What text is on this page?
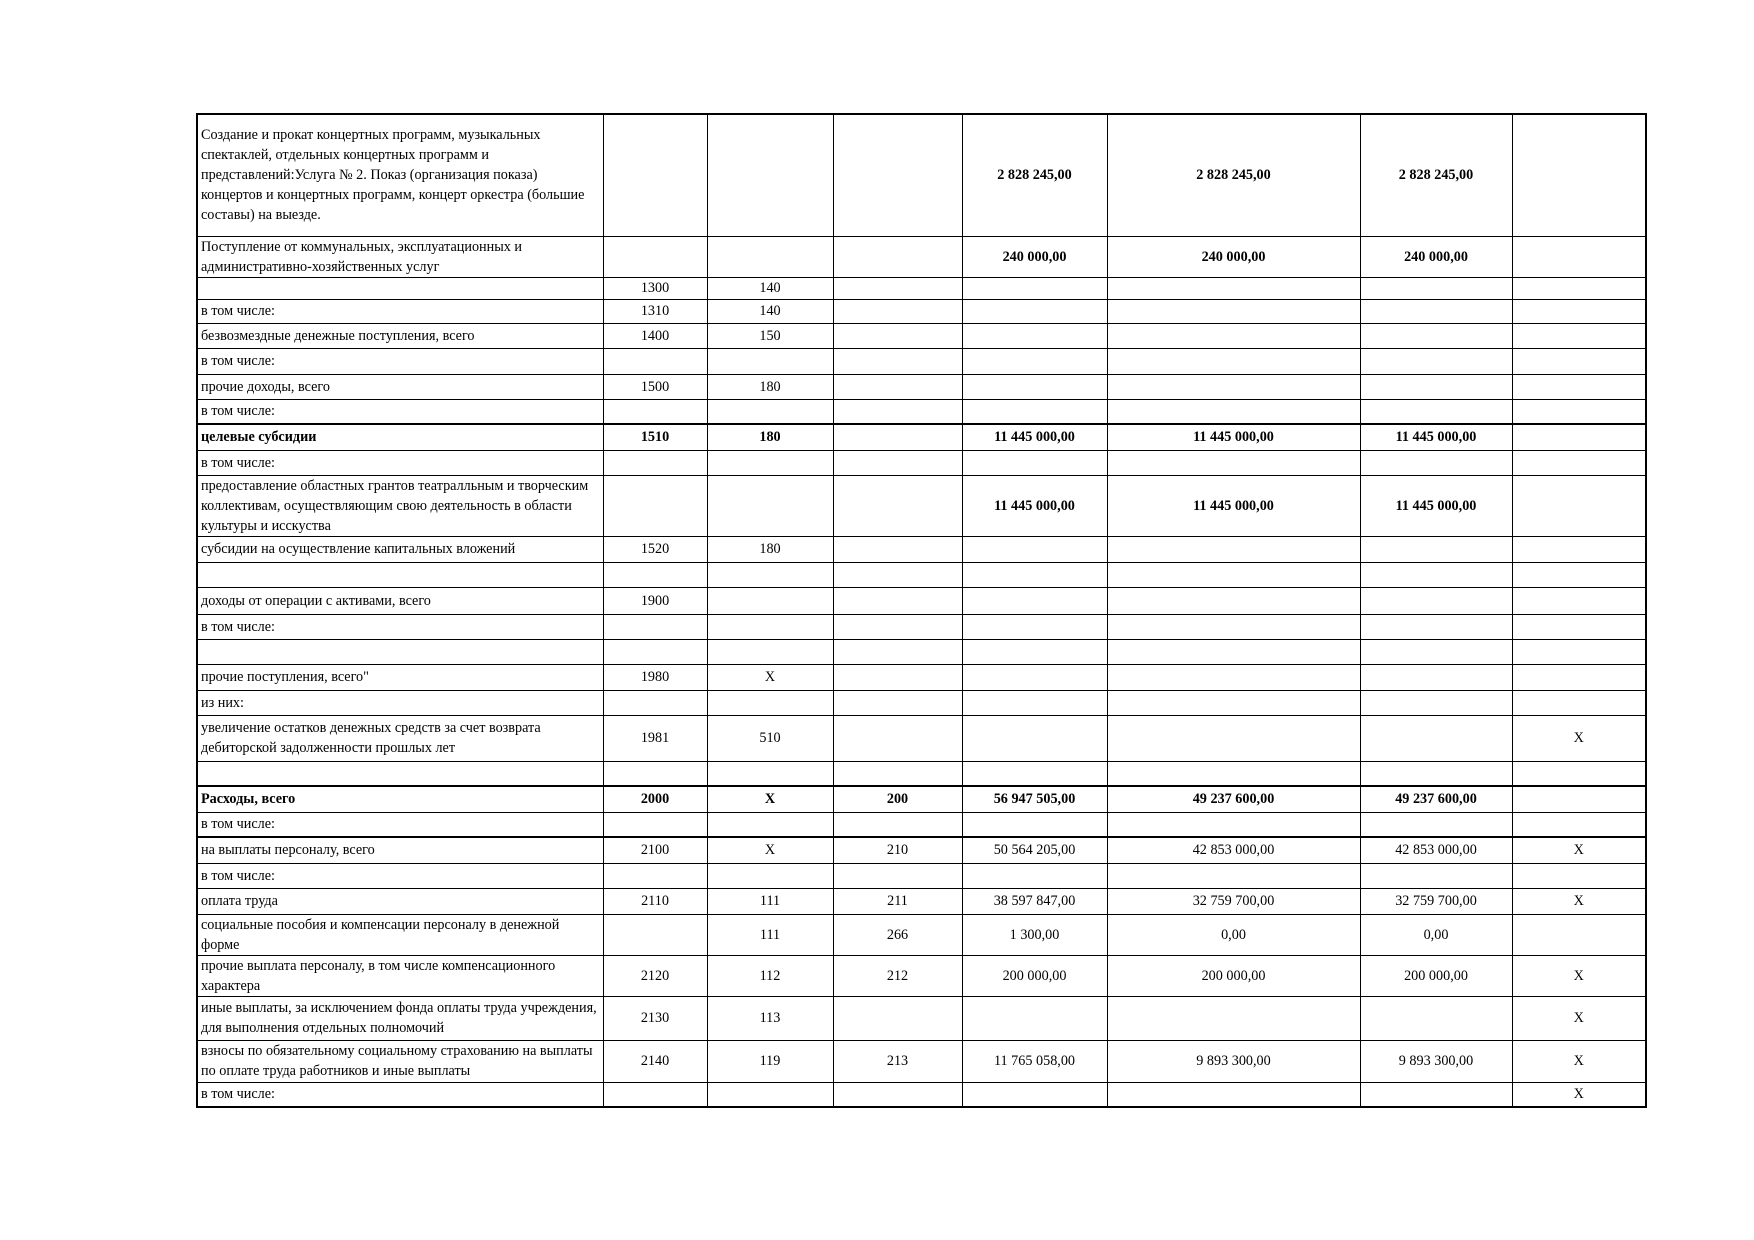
Создание и прокат концертных программ, музыкальных спектаклей, отдельных концертных программ и представлений:Услуга № 2. Показ (организация показа) концертов и концертных программ, концерт оркестра (большие составы) на выезде.				2 828 245,00	2 828 245,00	2 828 245,00	
Поступление от коммунальных, эксплуатационных и административно-хозяйственных услуг				240 000,00	240 000,00	240 000,00	
	1300	140					
в том числе:	1310	140					
безвозмездные денежные поступления, всего	1400	150					
в том числе:							
прочие доходы, всего	1500	180					
в том числе:							
целевые субсидии	1510	180		11 445 000,00	11 445 000,00	11 445 000,00	
в том числе:							
предоставление областных грантов театралльным и творческим коллективам, осуществляющим свою деятельность в области культуры и исскуства				11 445 000,00	11 445 000,00	11 445 000,00	
субсидии на осуществление капитальных вложений	1520	180					

доходы от операции с активами, всего	1900						
в том числе:							

прочие поступления, всего"	1980	X					
из них:							
увеличение остатков денежных средств за счет возврата дебиторской задолженности прошлых лет	1981	510					X

Расходы, всего	2000	X	200	56 947 505,00	49 237 600,00	49 237 600,00	
в том числе:							
на выплаты персоналу, всего	2100	X	210	50 564 205,00	42 853 000,00	42 853 000,00	X
в том числе:							
оплата труда	2110	111	211	38 597 847,00	32 759 700,00	32 759 700,00	X
социальные пособия и компенсации персоналу в денежной форме		111	266	1 300,00	0,00	0,00	
прочие выплата персоналу, в том числе компенсационного характера	2120	112	212	200 000,00	200 000,00	200 000,00	X
иные выплаты, за исключением фонда оплаты труда учреждения, для выполнения отдельных полномочий	2130	113					X
взносы по обязательному социальному страхованию на выплаты по оплате труда работников и иные выплаты	2140	119	213	11 765 058,00	9 893 300,00	9 893 300,00	X
в том числе:							X
